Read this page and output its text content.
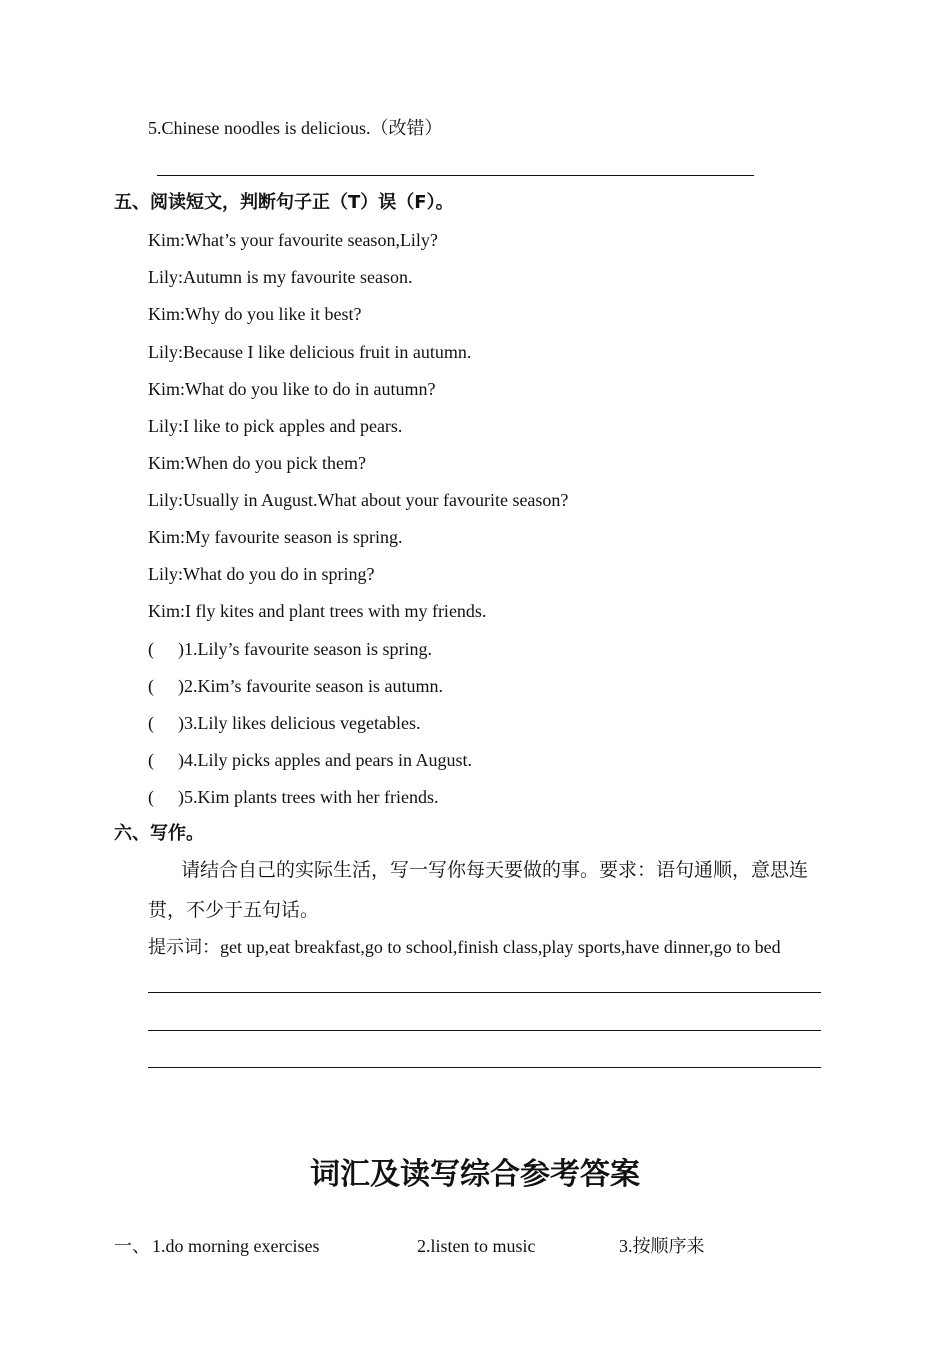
5.Chinese noodles is delicious.（改错）
五、阅读短文，判断句子正（T）误（F）。
Kim:What’s your favourite season,Lily?
Lily:Autumn is my favourite season.
Kim:Why do you like it best?
Lily:Because I like delicious fruit in autumn.
Kim:What do you like to do in autumn?
Lily:I like to pick apples and pears.
Kim:When do you pick them?
Lily:Usually in August.What about your favourite season?
Kim:My favourite season is spring.
Lily:What do you do in spring?
Kim:I fly kites and plant trees with my friends.
( )1.Lily’s favourite season is spring.
( )2.Kim’s favourite season is autumn.
( )3.Lily likes delicious vegetables.
( )4.Lily picks apples and pears in August.
( )5.Kim plants trees with her friends.
六、写作。
请结合自己的实际生活，写一写你每天要做的事。要求：语句通顺，意思连
贯，不少于五句话。
提示词：get up,eat breakfast,go to school,finish class,play sports,have dinner,go to bed
词汇及读写综合参考答案
一、 1.do morning exercises	2.listen to music	3.按顺序来
